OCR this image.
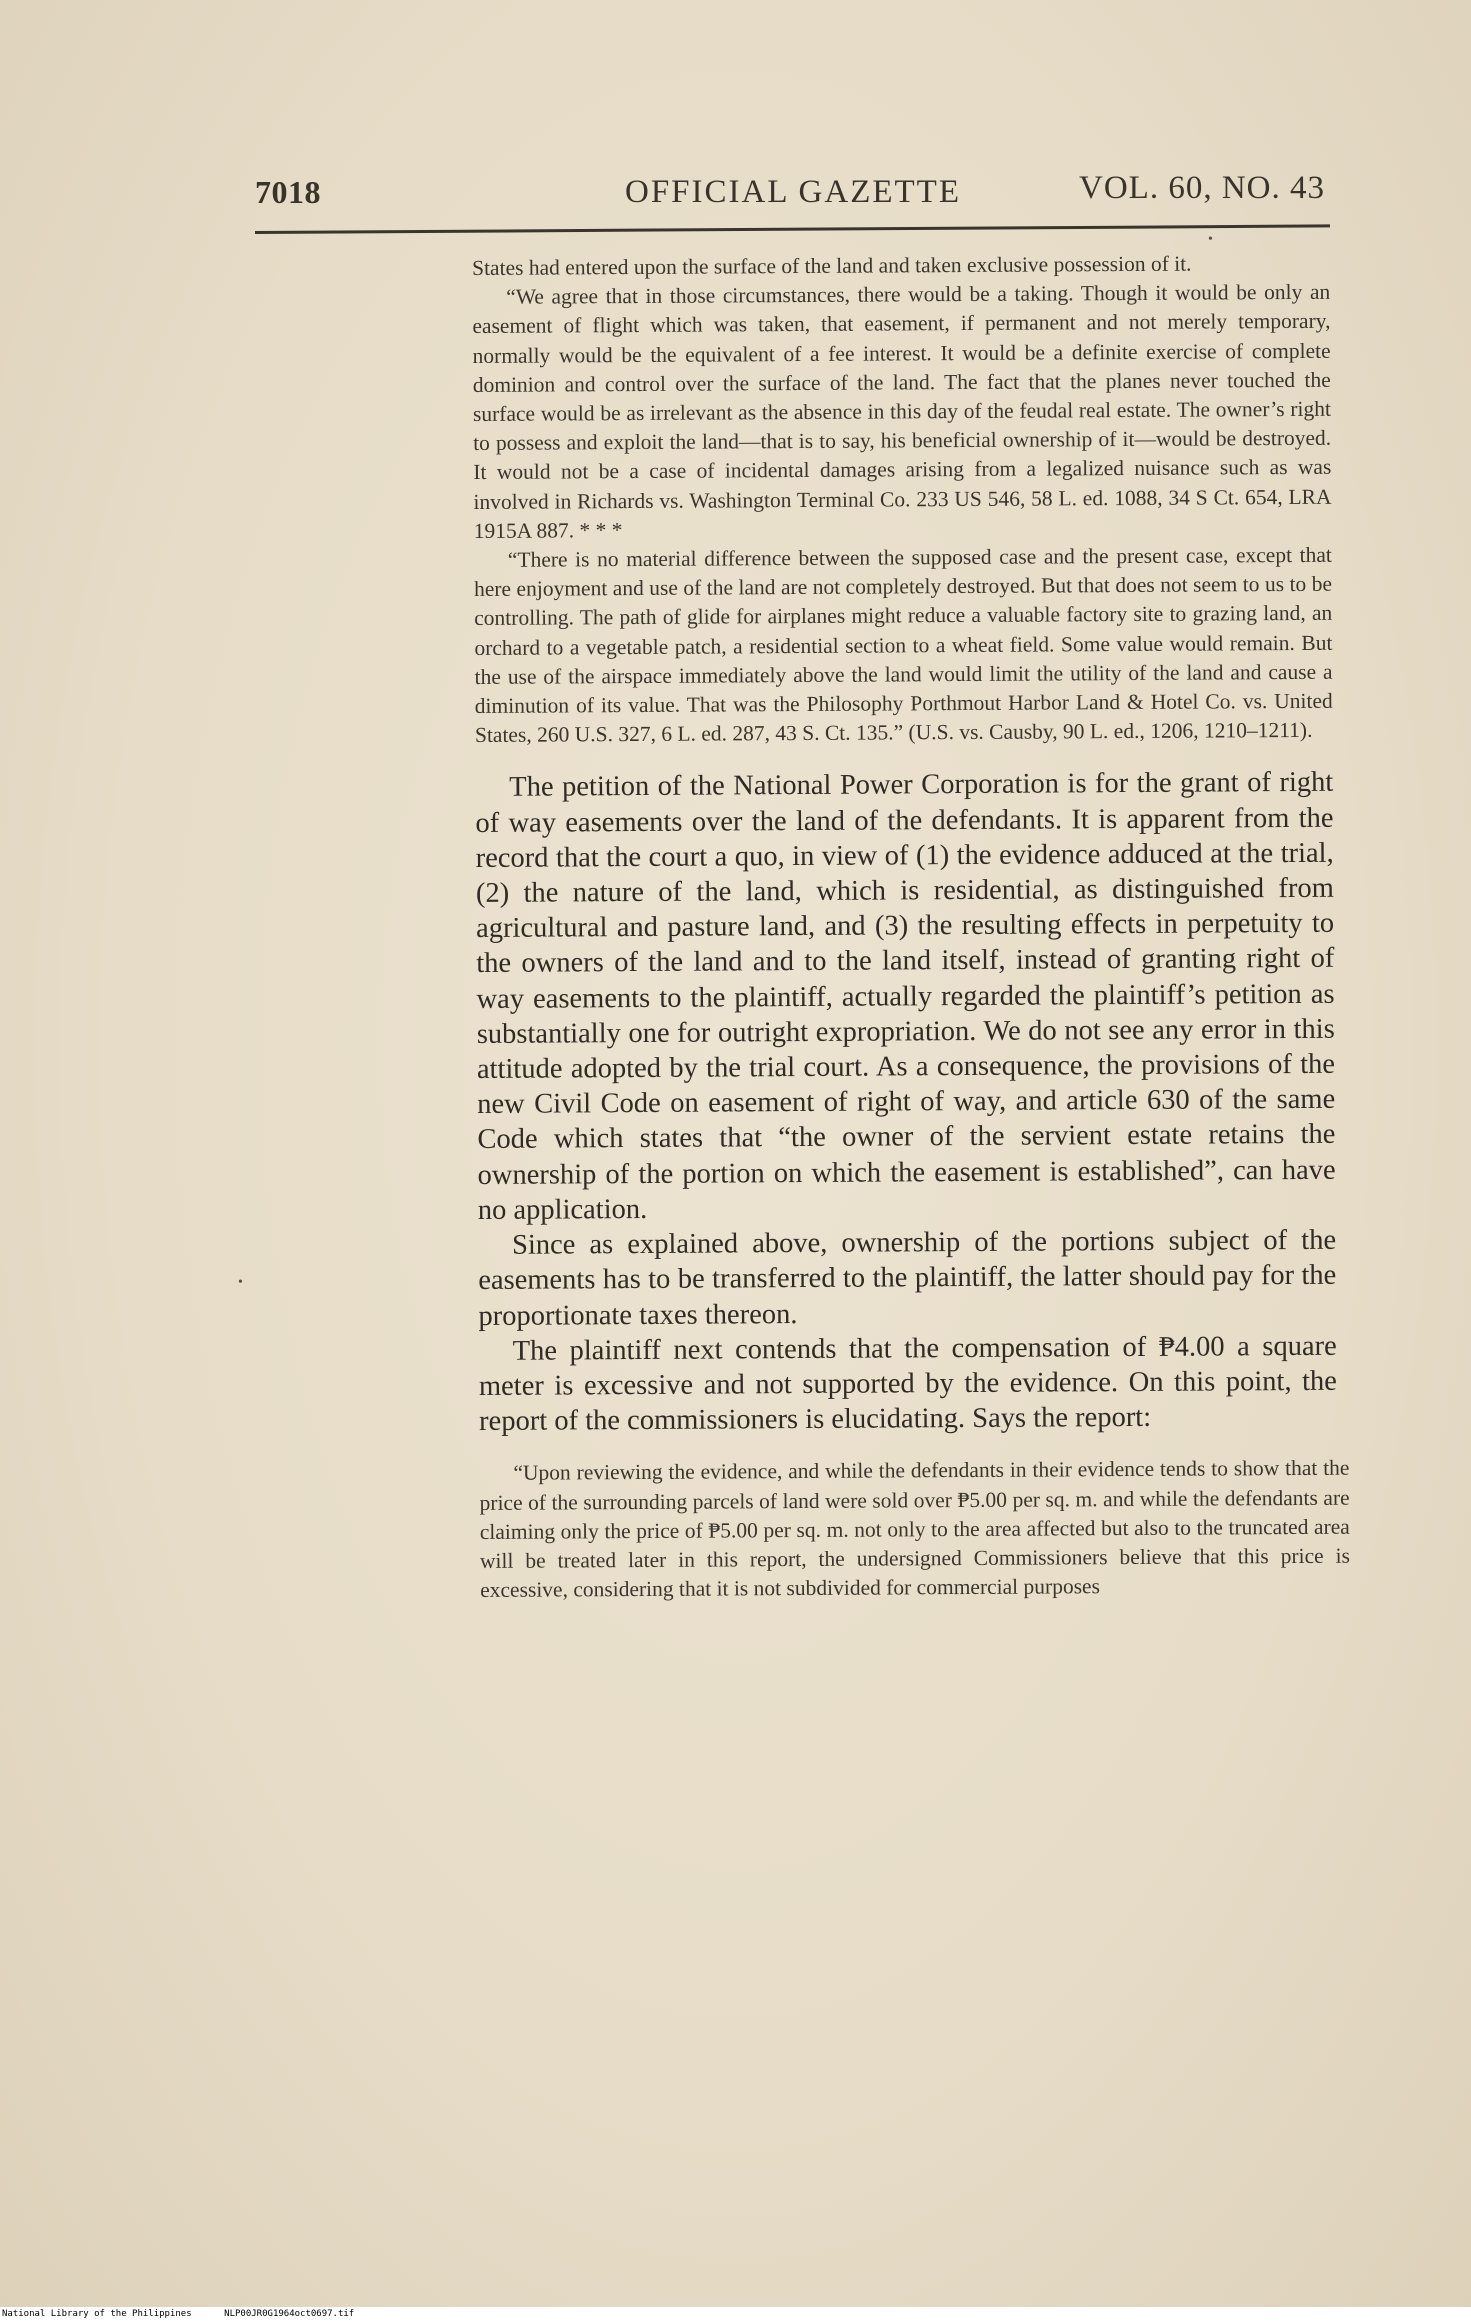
7018	OFFICIAL GAZETTE	VOL. 60, NO. 43
•
•

States had entered upon the surface of the land and taken exclusive possession of it.

“We agree that in those circumstances, there would be a taking. Though it would be only an easement of flight which was taken, that easement, if permanent and not merely temporary, normally would be the equivalent of a fee interest. It would be a definite exercise of complete dominion and control over the surface of the land. The fact that the planes never touched the surface would be as irrelevant as the absence in this day of the feudal real estate. The owner’s right to possess and exploit the land—that is to say, his beneficial ownership of it—would be destroyed. It would not be a case of incidental damages arising from a legalized nuisance such as was involved in Richards vs. Washington Terminal Co. 233 US 546, 58 L. ed. 1088, 34 S Ct. 654, LRA 1915A 887. * * *

“There is no material difference between the supposed case and the present case, except that here enjoyment and use of the land are not completely destroyed. But that does not seem to us to be controlling. The path of glide for airplanes might reduce a valuable factory site to grazing land, an orchard to a vegetable patch, a residential section to a wheat field. Some value would remain. But the use of the airspace immediately above the land would limit the utility of the land and cause a diminution of its value. That was the Philosophy Porthmout Harbor Land & Hotel Co. vs. United States, 260 U.S. 327, 6 L. ed. 287, 43 S. Ct. 135.” (U.S. vs. Causby, 90 L. ed., 1206, 1210–1211).

The petition of the National Power Corporation is for the grant of right of way easements over the land of the defendants. It is apparent from the record that the court a quo, in view of (1) the evidence adduced at the trial, (2) the nature of the land, which is residential, as distinguished from agricultural and pasture land, and (3) the resulting effects in perpetuity to the owners of the land and to the land itself, instead of granting right of way easements to the plaintiff, actually regarded the plaintiff’s petition as substantially one for outright expropriation. We do not see any error in this attitude adopted by the trial court. As a consequence, the provisions of the new Civil Code on easement of right of way, and article 630 of the same Code which states that “the owner of the servient estate retains the ownership of the portion on which the easement is established”, can have no application.

Since as explained above, ownership of the portions subject of the easements has to be transferred to the plaintiff, the latter should pay for the proportionate taxes thereon.

The plaintiff next contends that the compensation of ₱4.00 a square meter is excessive and not supported by the evidence. On this point, the report of the commissioners is elucidating. Says the report:

“Upon reviewing the evidence, and while the defendants in their evidence tends to show that the price of the surrounding parcels of land were sold over ₱5.00 per sq. m. and while the defendants are claiming only the price of ₱5.00 per sq. m. not only to the area affected but also to the truncated area will be treated later in this report, the undersigned Commissioners believe that this price is excessive, considering that it is not subdivided for commercial purposes

National Library of the Philippines	NLP00JR0G1964oct0697.tif
